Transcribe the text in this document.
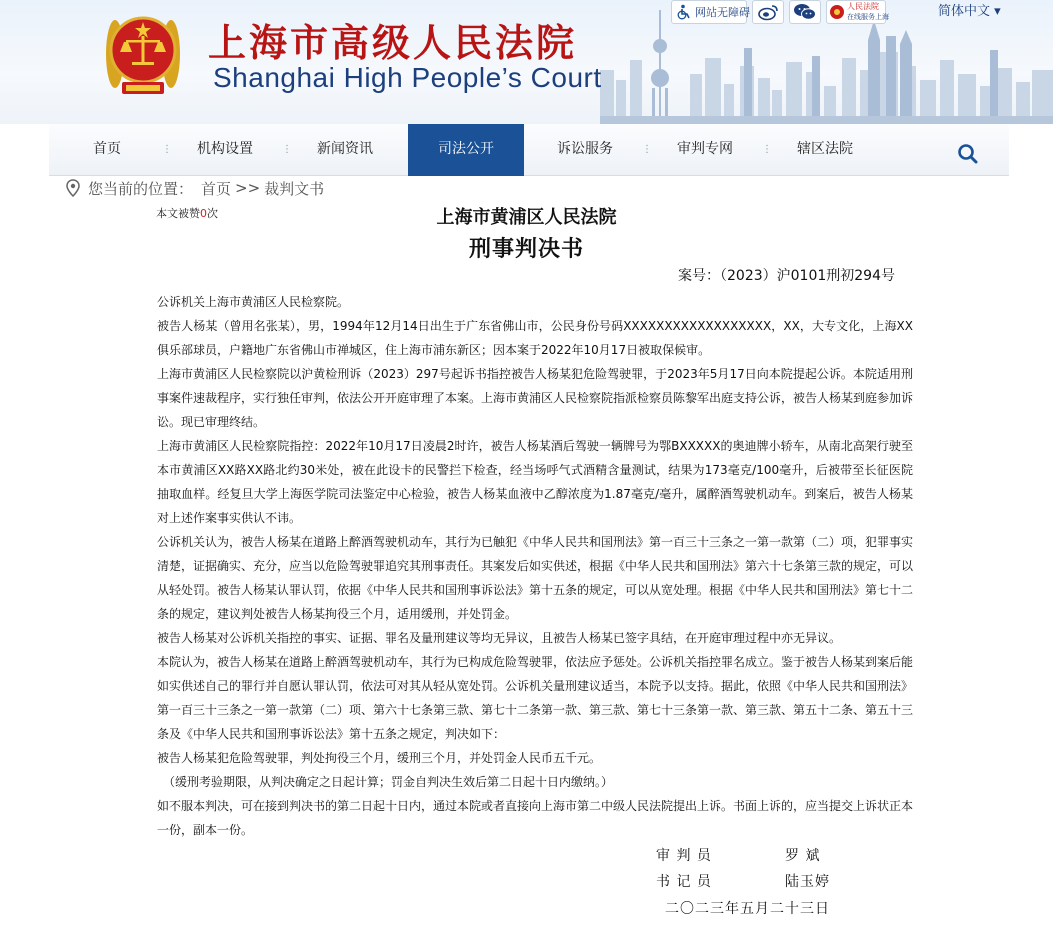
上海市高级人民法院
Shanghai High People’s Court
网站无障碍	人民法院
在线服务上海	简体中文 ▾
首页	⋮	机构设置	⋮	新闻资讯	司法公开	诉讼服务	⋮	审判专网	⋮	辖区法院
您当前的位置： 首页 >> 裁判文书
本文被赞0次	上海市黄浦区人民法院
刑事判决书
案号：（2023）沪0101刑初294号

公诉机关上海市黄浦区人民检察院。

被告人杨某（曾用名张某），男，1994年12月14日出生于广东省佛山市，公民身份号码XXXXXXXXXXXXXXXXXX，XX，大专文化，上海XX俱乐部球员，户籍地广东省佛山市禅城区，住上海市浦东新区；因本案于2022年10月17日被取保候审。

上海市黄浦区人民检察院以沪黄检刑诉（2023）297号起诉书指控被告人杨某犯危险驾驶罪，于2023年5月17日向本院提起公诉。本院适用刑事案件速裁程序，实行独任审判，依法公开开庭审理了本案。上海市黄浦区人民检察院指派检察员陈黎军出庭支持公诉，被告人杨某到庭参加诉讼。现已审理终结。

上海市黄浦区人民检察院指控：2022年10月17日凌晨2时许，被告人杨某酒后驾驶一辆牌号为鄂BXXXXX的奥迪牌小轿车，从南北高架行驶至本市黄浦区XX路XX路北约30米处，被在此设卡的民警拦下检查，经当场呼气式酒精含量测试，结果为173毫克/100毫升，后被带至长征医院抽取血样。经复旦大学上海医学院司法鉴定中心检验，被告人杨某血液中乙醇浓度为1.87毫克/毫升，属醉酒驾驶机动车。到案后，被告人杨某对上述作案事实供认不讳。

公诉机关认为，被告人杨某在道路上醉酒驾驶机动车，其行为已触犯《中华人民共和国刑法》第一百三十三条之一第一款第（二）项，犯罪事实清楚，证据确实、充分，应当以危险驾驶罪追究其刑事责任。其案发后如实供述，根据《中华人民共和国刑法》第六十七条第三款的规定，可以从轻处罚。被告人杨某认罪认罚，依据《中华人民共和国刑事诉讼法》第十五条的规定，可以从宽处理。根据《中华人民共和国刑法》第七十二条的规定，建议判处被告人杨某拘役三个月，适用缓刑，并处罚金。

被告人杨某对公诉机关指控的事实、证据、罪名及量刑建议等均无异议，且被告人杨某已签字具结，在开庭审理过程中亦无异议。

本院认为，被告人杨某在道路上醉酒驾驶机动车，其行为已构成危险驾驶罪，依法应予惩处。公诉机关指控罪名成立。鉴于被告人杨某到案后能如实供述自己的罪行并自愿认罪认罚，依法可对其从轻从宽处罚。公诉机关量刑建议适当，本院予以支持。据此，依照《中华人民共和国刑法》第一百三十三条之一第一款第（二）项、第六十七条第三款、第七十二条第一款、第三款、第七十三条第一款、第三款、第五十二条、第五十三条及《中华人民共和国刑事诉讼法》第十五条之规定，判决如下：

被告人杨某犯危险驾驶罪，判处拘役三个月，缓刑三个月，并处罚金人民币五千元。

（缓刑考验期限，从判决确定之日起计算；罚金自判决生效后第二日起十日内缴纳。）

如不服本判决，可在接到判决书的第二日起十日内，通过本院或者直接向上海市第二中级人民法院提出上诉。书面上诉的，应当提交上诉状正本一份，副本一份。

审 判 员	罗 斌
书 记 员	陆玉婷
二〇二三年五月二十三日
